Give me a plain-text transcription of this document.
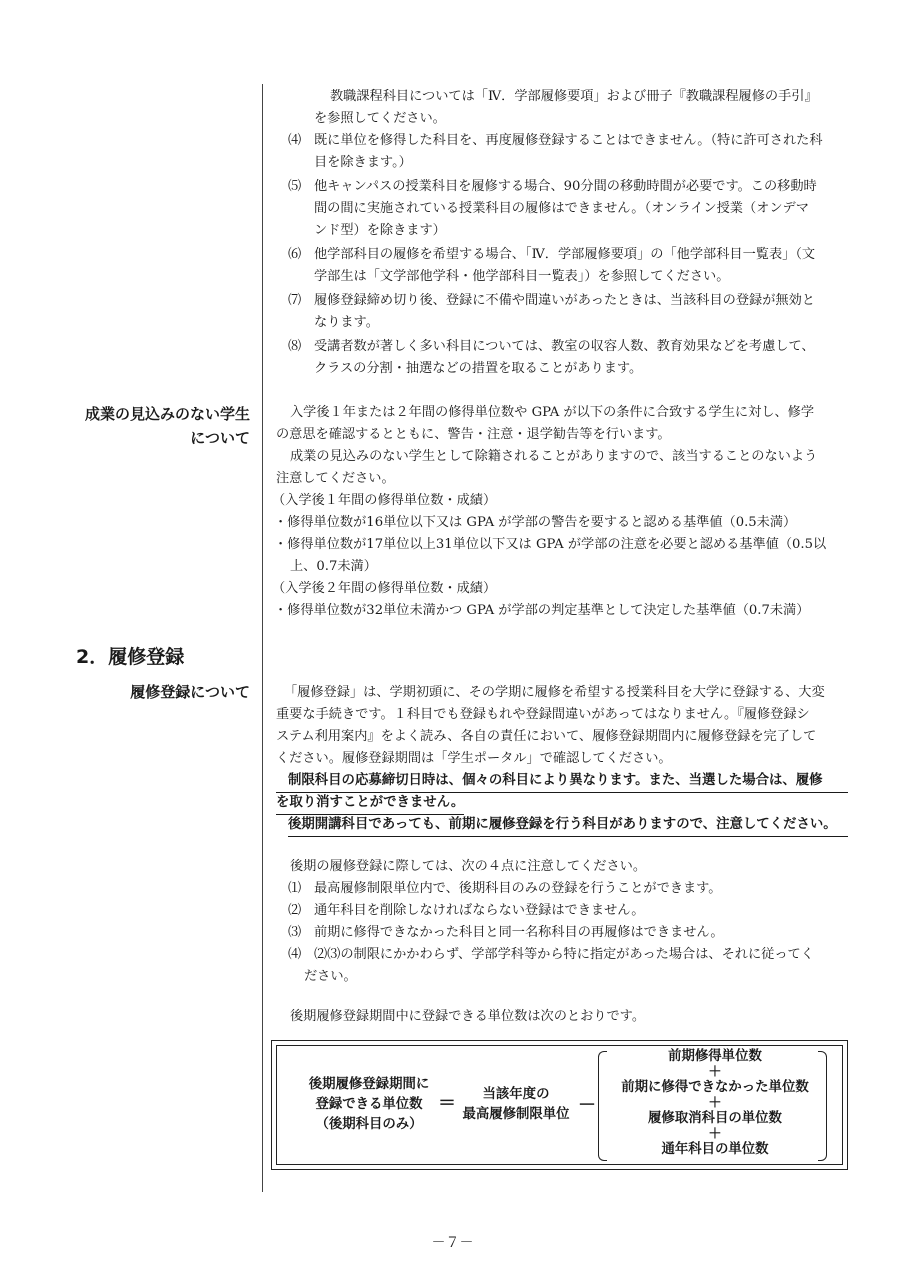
教職課程科目については「Ⅳ．学部履修要項」および冊子『教職課程履修の手引』

を参照してください。

⑷ 既に単位を修得した科目を、再度履修登録することはできません。（特に許可された科

目を除きます。）

⑸ 他キャンパスの授業科目を履修する場合、90分間の移動時間が必要です。この移動時

間の間に実施されている授業科目の履修はできません。（オンライン授業（オンデマ

ンド型）を除きます）

⑹ 他学部科目の履修を希望する場合、「Ⅳ．学部履修要項」の「他学部科目一覧表」（文

学部生は「文学部他学科・他学部科目一覧表」）を参照してください。

⑺ 履修登録締め切り後、登録に不備や間違いがあったときは、当該科目の登録が無効と

なります。

⑻ 受講者数が著しく多い科目については、教室の収容人数、教育効果などを考慮して、

クラスの分割・抽選などの措置を取ることがあります。

成業の見込みのない学生
について

入学後１年または２年間の修得単位数や GPA が以下の条件に合致する学生に対し、修学

の意思を確認するとともに、警告・注意・退学勧告等を行います。

成業の見込みのない学生として除籍されることがありますので、該当することのないよう

注意してください。

（入学後１年間の修得単位数・成績）

・修得単位数が16単位以下又は GPA が学部の警告を要すると認める基準値（0.5未満）

・修得単位数が17単位以上31単位以下又は GPA が学部の注意を必要と認める基準値（0.5以

上、0.7未満）

（入学後２年間の修得単位数・成績）

・修得単位数が32単位未満かつ GPA が学部の判定基準として決定した基準値（0.7未満）

2．履修登録
履修登録について	「履修登録」は、学期初頭に、その学期に履修を希望する授業科目を大学に登録する、大変

重要な手続きです。１科目でも登録もれや登録間違いがあってはなりません。『履修登録シ

ステム利用案内』をよく読み、各自の責任において、履修登録期間内に履修登録を完了して

ください。履修登録期間は「学生ポータル」で確認してください。

制限科目の応募締切日時は、個々の科目により異なります。また、当選した場合は、履修
を取り消すことができません。
後期開講科目であっても、前期に履修登録を行う科目がありますので、注意してください。

後期の履修登録に際しては、次の４点に注意してください。

⑴ 最高履修制限単位内で、後期科目のみの登録を行うことができます。

⑵ 通年科目を削除しなければならない登録はできません。

⑶ 前期に修得できなかった科目と同一名称科目の再履修はできません。

⑷ ⑵⑶の制限にかかわらず、学部学科等から特に指定があった場合は、それに従ってく

ださい。

後期履修登録期間中に登録できる単位数は次のとおりです。

後期履修登録期間に
登録できる単位数
（後期科目のみ）
＝	当該年度の
最高履修制限単位 －
前期修得単位数
＋
前期に修得できなかった単位数
＋
履修取消科目の単位数
＋
通年科目の単位数
－７－
